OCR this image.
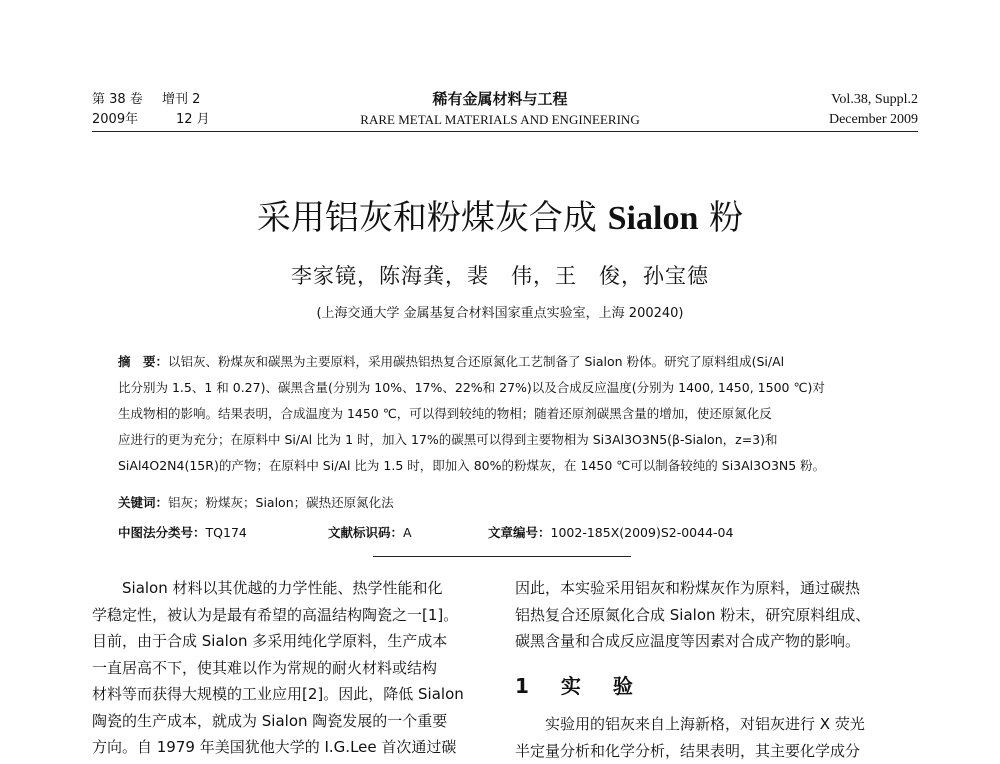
第 38 卷 增刊 2
2009年	12 月
稀有金属材料与工程
RARE METAL MATERIALS AND ENGINEERING
Vol.38, Suppl.2
December 2009
采用铝灰和粉煤灰合成 Sialon 粉
李家镜，陈海龚，裴　伟，王　俊，孙宝德
(上海交通大学 金属基复合材料国家重点实验室，上海 200240)
摘　要：以铝灰、粉煤灰和碳黑为主要原料，采用碳热铝热复合还原氮化工艺制备了 Sialon 粉体。研究了原料组成(Si/Al
比分别为 1.5、1 和 0.27)、碳黑含量(分别为 10%、17%、22%和 27%)以及合成反应温度(分别为 1400, 1450, 1500 ℃)对
生成物相的影响。结果表明，合成温度为 1450 ℃，可以得到较纯的物相；随着还原剂碳黑含量的增加，使还原氮化反
应进行的更为充分；在原料中 Si/Al 比为 1 时，加入 17%的碳黑可以得到主要物相为 Si3Al3O3N5(β-Sialon，z=3)和
SiAl4O2N4(15R)的产物；在原料中 Si/Al 比为 1.5 时，即加入 80%的粉煤灰，在 1450 ℃可以制备较纯的 Si3Al3O3N5 粉。
关键词：铝灰；粉煤灰；Sialon；碳热还原氮化法
中图法分类号：TQ174	文献标识码：A	文章编号：1002-185X(2009)S2-0044-04
　　Sialon 材料以其优越的力学性能、热学性能和化
学稳定性，被认为是最有希望的高温结构陶瓷之一[1]。
目前，由于合成 Sialon 多采用纯化学原料，生产成本
一直居高不下，使其难以作为常规的耐火材料或结构
材料等而获得大规模的工业应用[2]。因此，降低 Sialon
陶瓷的生产成本，就成为 Sialon 陶瓷发展的一个重要
方向。自 1979 年美国犹他大学的 I.G.Lee 首次通过碳
因此，本实验采用铝灰和粉煤灰作为原料，通过碳热
铝热复合还原氮化合成 Sialon 粉末，研究原料组成、
碳黑含量和合成反应温度等因素对合成产物的影响。
1　实　验
　　实验用的铝灰来自上海新格，对铝灰进行 X 荧光
半定量分析和化学分析，结果表明，其主要化学成分
